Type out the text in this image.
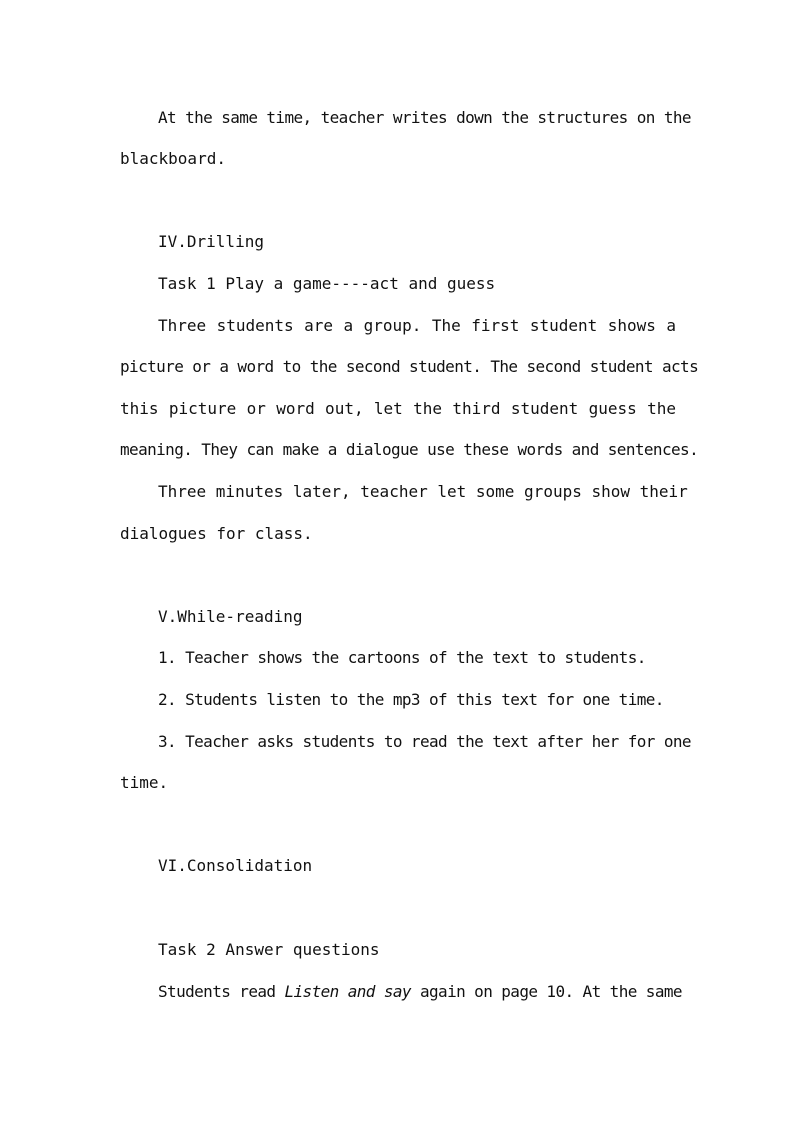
At the same time, teacher writes down the structures on the
blackboard.
IV.Drilling
Task 1 Play a game----act and guess
Three students are a group. The first student shows a
picture or a word to the second student. The second student acts
this picture or word out, let the third student guess the
meaning. They can make a dialogue use these words and sentences.
Three minutes later, teacher let some groups show their
dialogues for class.
V.While-reading
1. Teacher shows the cartoons of the text to students.
2. Students listen to the mp3 of this text for one time.
3. Teacher asks students to read the text after her for one
time.
VI.Consolidation
Task 2 Answer questions
Students read Listen and say again on page 10. At the same
